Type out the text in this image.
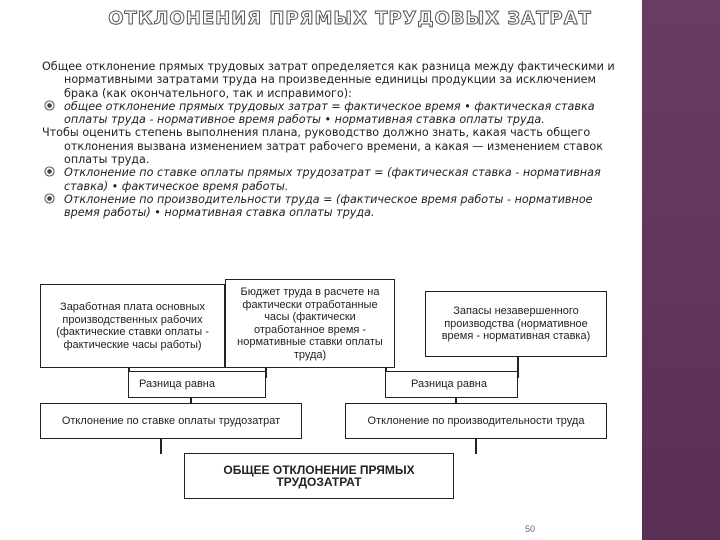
ОТКЛОНЕНИЯ ПРЯМЫХ ТРУДОВЫХ ЗАТРАТ

Общее отклонение прямых трудовых затрат определяется как разница между фактическими и нормативными затратами труда на произведенные единицы продукции за исключением брака (как окончательного, так и исправимого):

общее отклонение прямых трудовых затрат = фактическое время • фактическая ставка оплаты труда - нормативное время работы • нормативная ставка оплаты труда.

Чтобы оценить степень выполнения плана, руководство должно знать, какая часть общего отклонения вызвана изменением затрат рабочего времени, а какая — изменением ставок оплаты труда.

Отклонение по ставке оплаты прямых трудозатрат = (фактическая ставка - нормативная ставка) • фактическое время работы.
Отклонение по производительности труда = (фактическое время работы - нормативное время работы) • нормативная ставка оплаты труда.
Заработная плата основных производственных рабочих (фактические ставки оплаты - фактические часы работы)
Бюджет труда в расчете на фактически отработанные часы (фактически отработанное время - нормативные ставки оплаты труда)
Запасы незавершенного производства (нормативное время - нормативная ставка)
Разница равна	Разница равна
Отклонение по ставке оплаты трудозатрат	Отклонение по производительности труда
ОБЩЕЕ ОТКЛОНЕНИЕ ПРЯМЫХ ТРУДОЗАТРАТ
50
